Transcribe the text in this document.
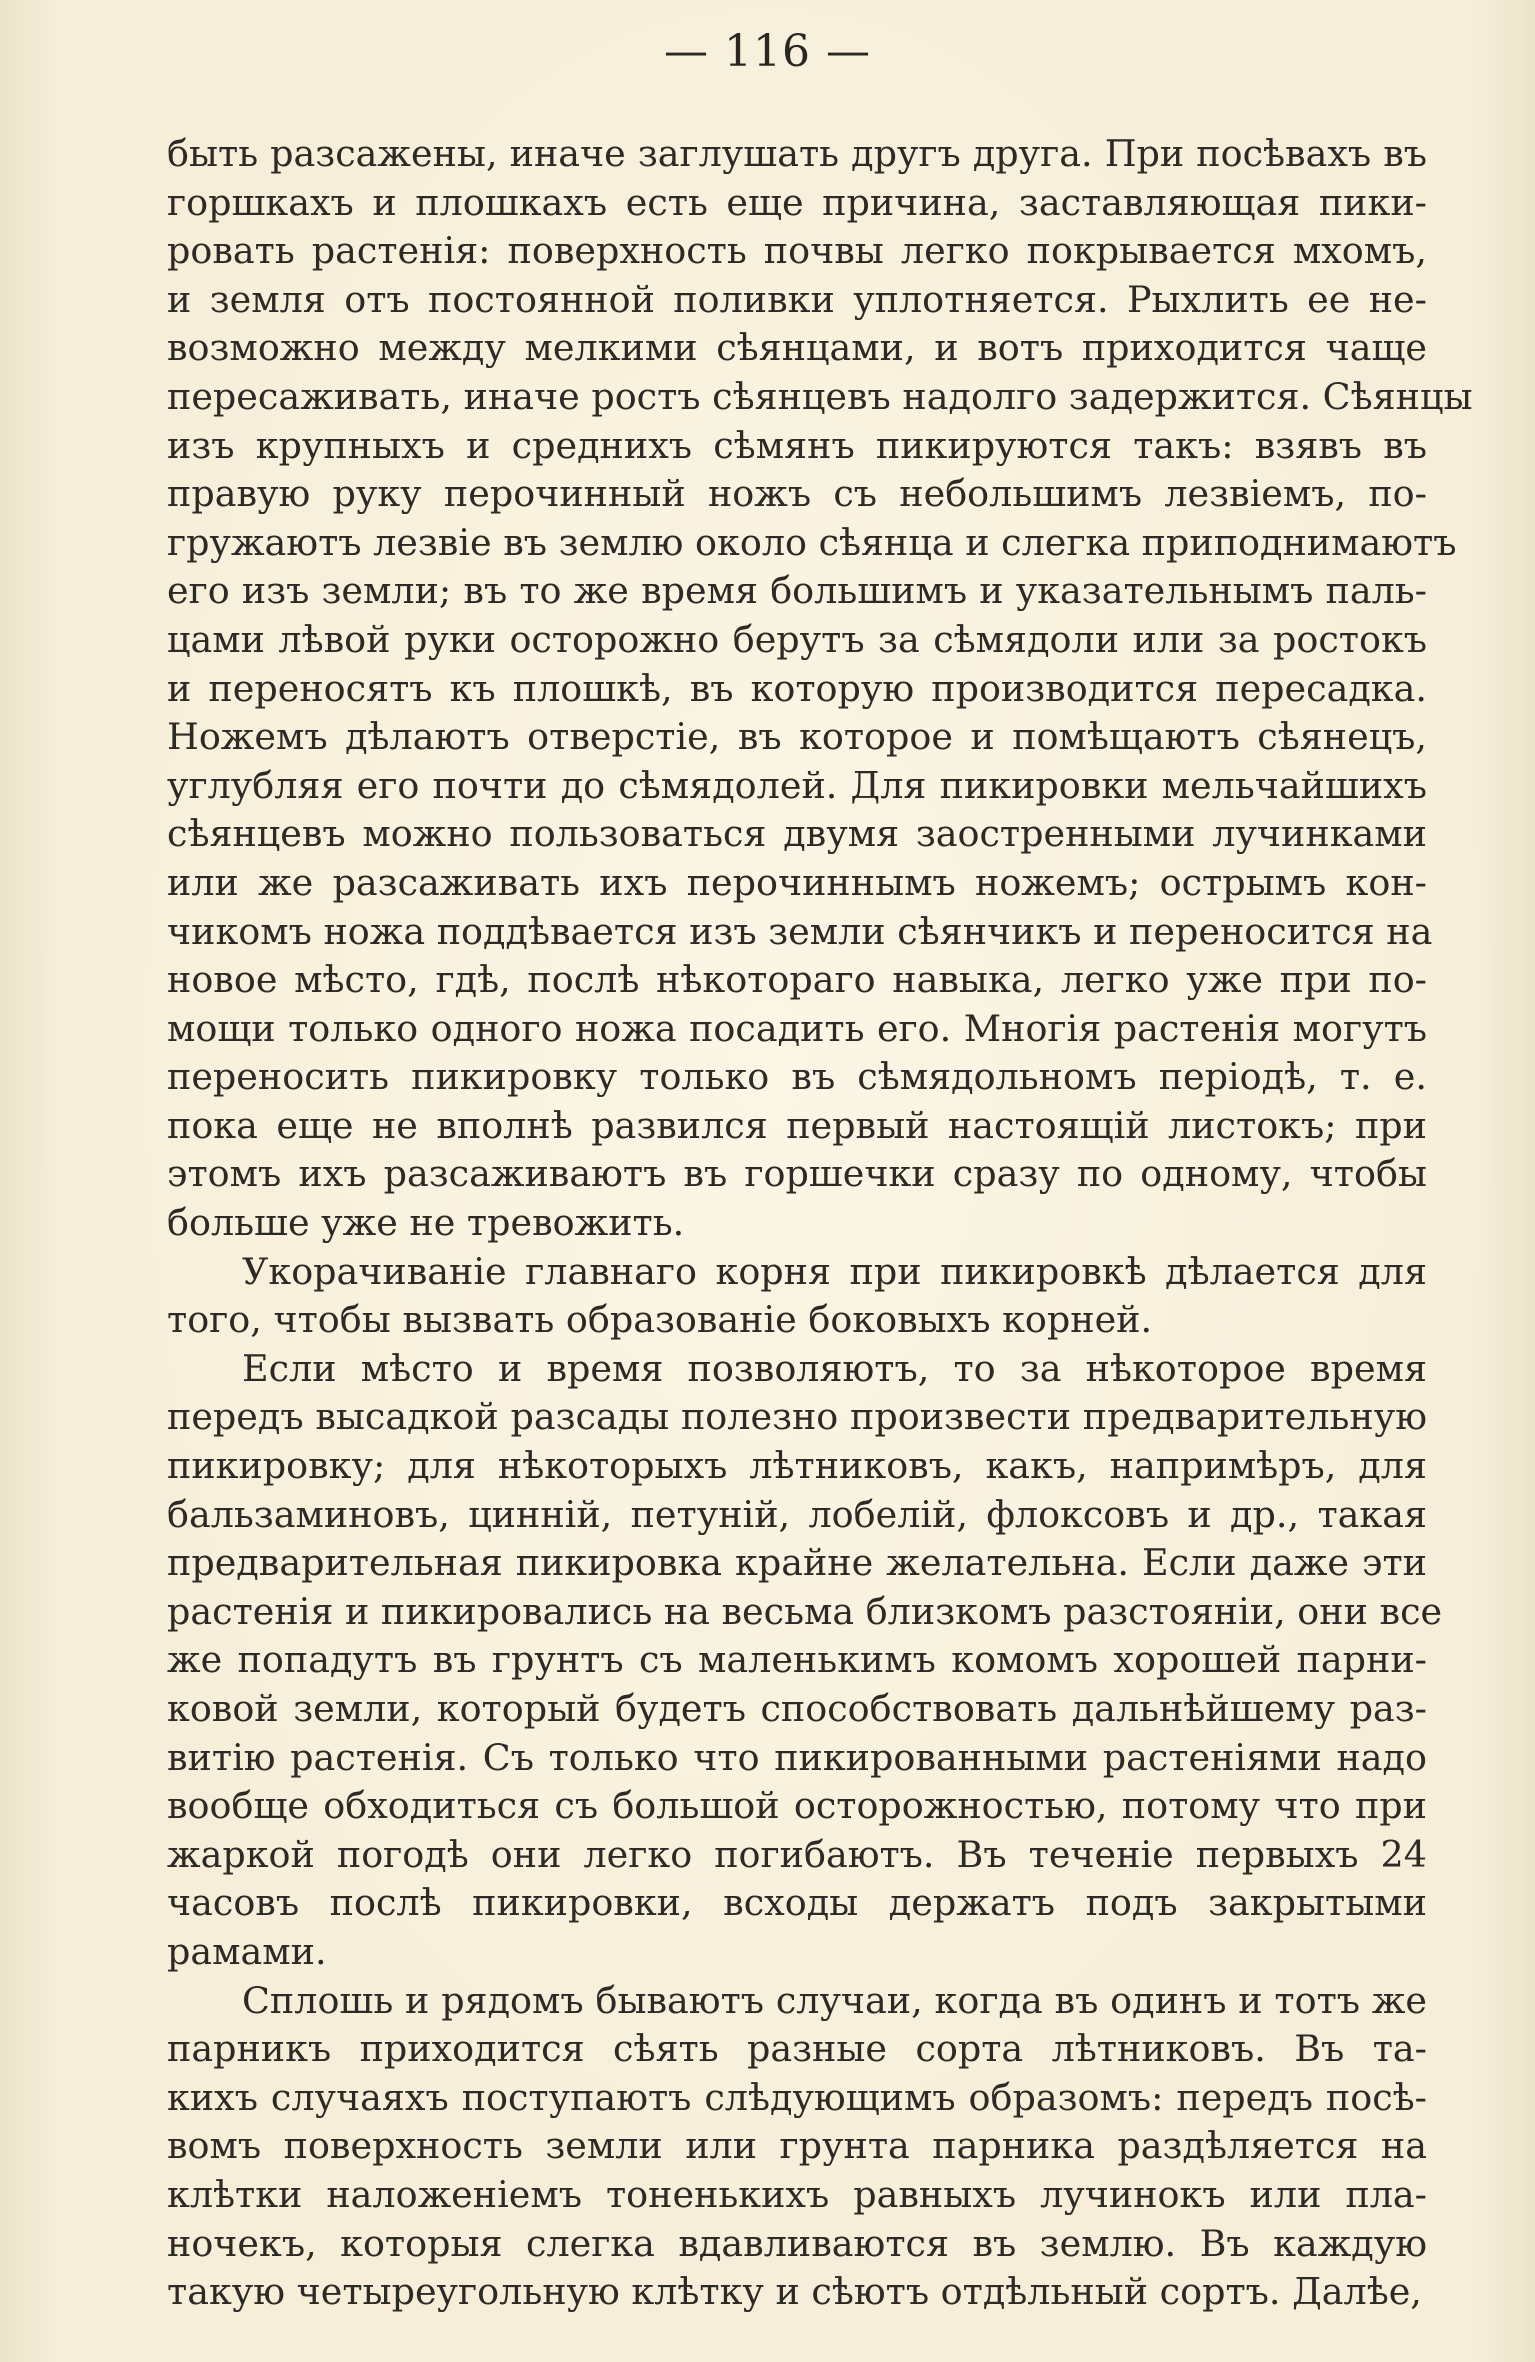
— 116 —
быть разсажены, иначе заглушать другъ друга. При посѣвахъ въ
горшкахъ и плошкахъ есть еще причина, заставляющая пики-
ровать растенія: поверхность почвы легко покрывается мхомъ,
и земля отъ постоянной поливки уплотняется. Рыхлить ее не-
возможно между мелкими сѣянцами, и вотъ приходится чаще
пересаживать, иначе ростъ сѣянцевъ надолго задержится. Сѣянцы
изъ крупныхъ и среднихъ сѣмянъ пикируются такъ: взявъ въ
правую руку перочинный ножъ съ небольшимъ лезвіемъ, по-
гружаютъ лезвіе въ землю около сѣянца и слегка приподнимаютъ
его изъ земли; въ то же время большимъ и указательнымъ паль-
цами лѣвой руки осторожно берутъ за сѣмядоли или за ростокъ
и переносятъ къ плошкѣ, въ которую производится пересадка.
Ножемъ дѣлаютъ отверстіе, въ которое и помѣщаютъ сѣянецъ,
углубляя его почти до сѣмядолей. Для пикировки мельчайшихъ
сѣянцевъ можно пользоваться двумя заостренными лучинками
или же разсаживать ихъ перочиннымъ ножемъ; острымъ кон-
чикомъ ножа поддѣвается изъ земли сѣянчикъ и переносится на
новое мѣсто, гдѣ, послѣ нѣкотораго навыка, легко уже при по-
мощи только одного ножа посадить его. Многія растенія могутъ
переносить пикировку только въ сѣмядольномъ періодѣ, т. е.
пока еще не вполнѣ развился первый настоящій листокъ; при
этомъ ихъ разсаживаютъ въ горшечки сразу по одному, чтобы
больше уже не тревожить.
Укорачиваніе главнаго корня при пикировкѣ дѣлается для
того, чтобы вызвать образованіе боковыхъ корней.
Если мѣсто и время позволяютъ, то за нѣкоторое время
передъ высадкой разсады полезно произвести предварительную
пикировку; для нѣкоторыхъ лѣтниковъ, какъ, напримѣръ, для
бальзаминовъ, цинній, петуній, лобелій, флоксовъ и др., такая
предварительная пикировка крайне желательна. Если даже эти
растенія и пикировались на весьма близкомъ разстояніи, они все
же попадутъ въ грунтъ съ маленькимъ комомъ хорошей парни-
ковой земли, который будетъ способствовать дальнѣйшему раз-
витію растенія. Съ только что пикированными растеніями надо
вообще обходиться съ большой осторожностью, потому что при
жаркой погодѣ они легко погибаютъ. Въ теченіе первыхъ 24
часовъ послѣ пикировки, всходы держатъ подъ закрытыми
рамами.
Сплошь и рядомъ бываютъ случаи, когда въ одинъ и тотъ же
парникъ приходится сѣять разные сорта лѣтниковъ. Въ та-
кихъ случаяхъ поступаютъ слѣдующимъ образомъ: передъ посѣ-
вомъ поверхность земли или грунта парника раздѣляется на
клѣтки наложеніемъ тоненькихъ равныхъ лучинокъ или пла-
ночекъ, которыя слегка вдавливаются въ землю. Въ каждую
такую четыреугольную клѣтку и сѣютъ отдѣльный сортъ. Далѣе,
